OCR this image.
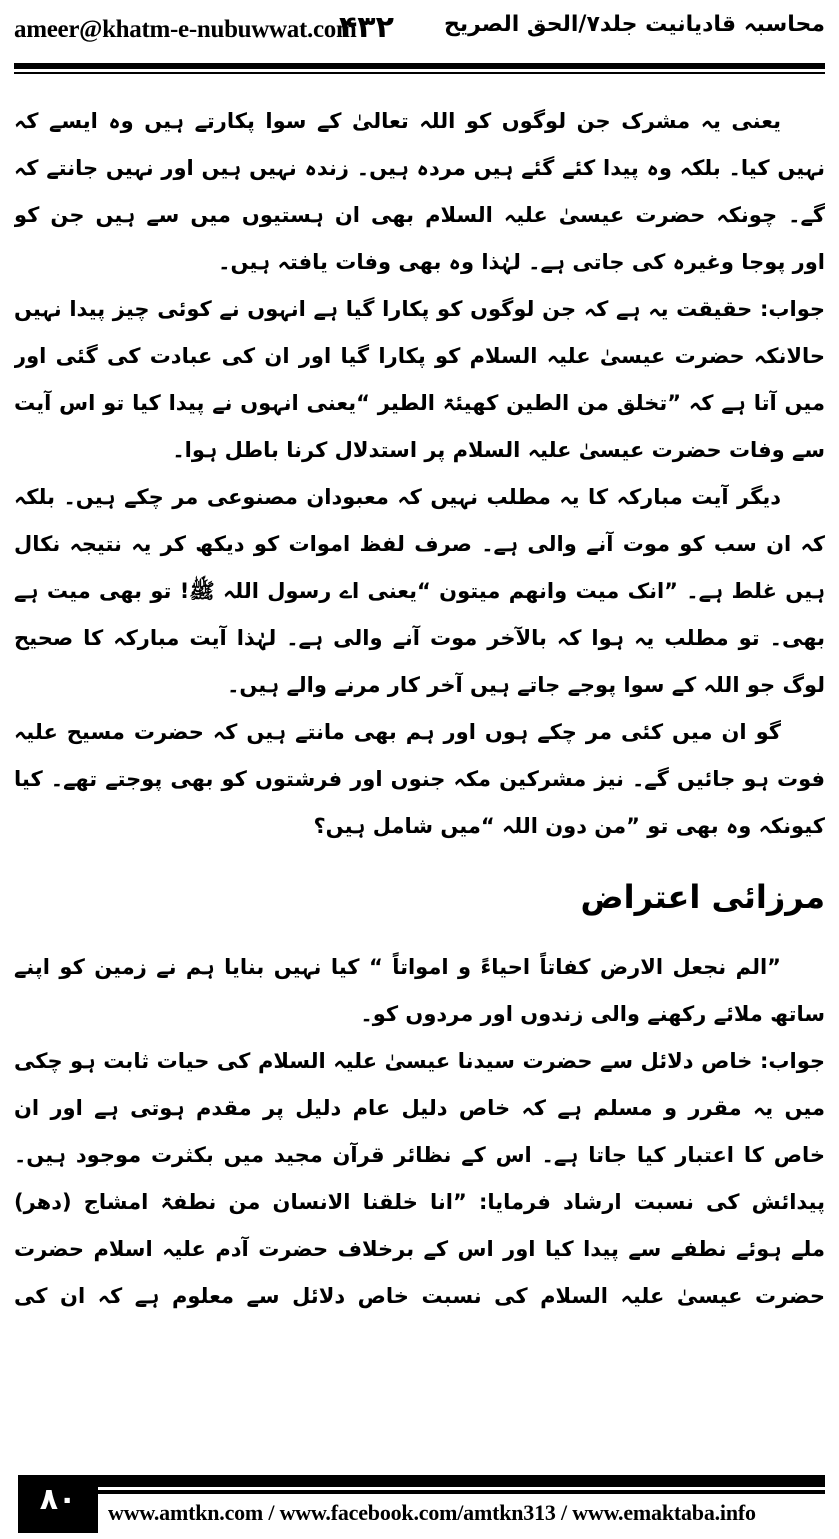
ameer@khatm-e-nubuwwat.com
۴۳۲ محاسبہ قادیانیت جلد۷/الحق الصریح
یعنی یہ مشرک جن لوگوں کو اللہ تعالیٰ کے سوا پکارتے ہیں وہ ایسے کہ
نہیں کیا۔ بلکہ وہ پیدا کئے گئے ہیں مردہ ہیں۔ زندہ نہیں ہیں اور نہیں جانتے کہ
گے۔ چونکہ حضرت عیسیٰ علیہ السلام بھی ان ہستیوں میں سے ہیں جن کو
اور پوجا وغیرہ کی جاتی ہے۔ لہٰذا وہ بھی وفات یافتہ ہیں۔
جواب: حقیقت یہ ہے کہ جن لوگوں کو پکارا گیا ہے انہوں نے کوئی چیز پیدا نہیں
حالانکہ حضرت عیسیٰ علیہ السلام کو پکارا گیا اور ان کی عبادت کی گئی اور
میں آتا ہے کہ ”تخلق من الطین کھیئۃ الطیر “یعنی انہوں نے پیدا کیا تو اس آیت
سے وفات حضرت عیسیٰ علیہ السلام پر استدلال کرنا باطل ہوا۔
دیگر آیت مبارکہ کا یہ مطلب نہیں کہ معبودان مصنوعی مر چکے ہیں۔ بلکہ
کہ ان سب کو موت آنے والی ہے۔ صرف لفظ اموات کو دیکھ کر یہ نتیجہ نکال
ہیں غلط ہے۔ ”انک میت وانھم میتون “یعنی اے رسول اللہ ﷺ! تو بھی میت ہے
بھی۔ تو مطلب یہ ہوا کہ بالآخر موت آنے والی ہے۔ لہٰذا آیت مبارکہ کا صحیح
لوگ جو اللہ کے سوا پوجے جاتے ہیں آخر کار مرنے والے ہیں۔
گو ان میں کئی مر چکے ہوں اور ہم بھی مانتے ہیں کہ حضرت مسیح علیہ
فوت ہو جائیں گے۔ نیز مشرکین مکہ جنوں اور فرشتوں کو بھی پوجتے تھے۔ کیا
کیونکہ وہ بھی تو ”من دون اللہ “میں شامل ہیں؟
مرزائی اعتراض
”الم نجعل الارض کفاتاً احیاءً و امواتاً “ کیا نہیں بنایا ہم نے زمین کو اپنے
ساتھ ملائے رکھنے والی زندوں اور مردوں کو۔
جواب: خاص دلائل سے حضرت سیدنا عیسیٰ علیہ السلام کی حیات ثابت ہو چکی
میں یہ مقرر و مسلم ہے کہ خاص دلیل عام دلیل پر مقدم ہوتی ہے اور ان
خاص کا اعتبار کیا جاتا ہے۔ اس کے نظائر قرآن مجید میں بکثرت موجود ہیں۔
پیدائش کی نسبت ارشاد فرمایا: ”انا خلقنا الانسان من نطفۃ امشاج (دھر)
ملے ہوئے نطفے سے پیدا کیا اور اس کے برخلاف حضرت آدم علیہ اسلام حضرت
حضرت عیسیٰ علیہ السلام کی نسبت خاص دلائل سے معلوم ہے کہ ان کی
۸۰	www.amtkn.com / www.facebook.com/amtkn313 / www.emaktaba.info
